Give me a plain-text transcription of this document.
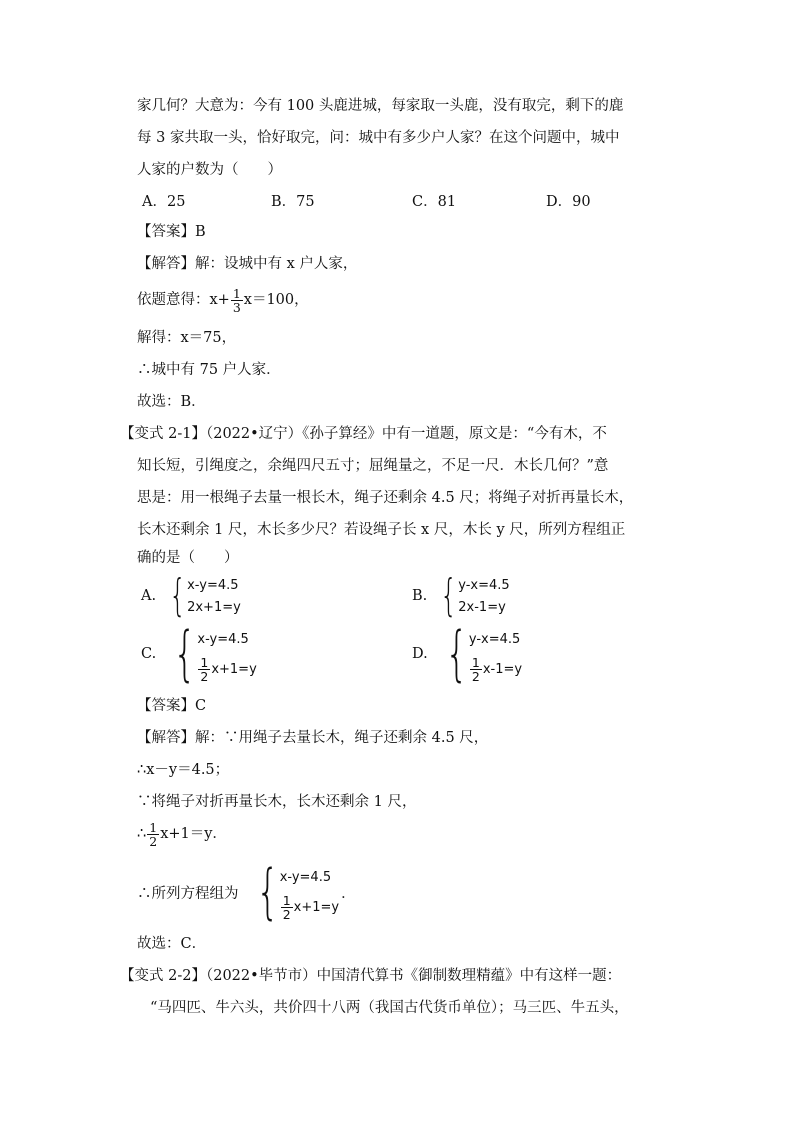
家几何？大意为：今有 100 头鹿进城，每家取一头鹿，没有取完，剩下的鹿
每 3 家共取一头，恰好取完，问：城中有多少户人家？在这个问题中，城中
人家的户数为（　　）
A．25	B．75	C．81	D．90
【答案】B
【解答】解：设城中有 x 户人家，
依题意得：$x+ \frac{1}{3} x=100$，
解得：x＝75，
∴城中有 75 户人家．
故选：B．
【变式 2-1】（2022•辽宁）《孙子算经》中有一道题，原文是：“今有木，不
知长短，引绳度之，余绳四尺五寸；屈绳量之，不足一尺．木长几何？”意
思是：用一根绳子去量一根长木，绳子还剩余 4.5 尺；将绳子对折再量长木，
长木还剩余 1 尺，木长多少尺？若设绳子长 x 尺，木长 y 尺，所列方程组正
确的是（　　）
A. { x-y=4.5
2x+1=y
B. { y-x=4.5
2x-1=y
C. { x-y=4.5
$\frac{1}{2} x+1=y$
D. { y-x=4.5
$\frac{1}{2} x-1=y$
【答案】C
【解答】解：∵用绳子去量长木，绳子还剩余 4.5 尺，
∴x－y＝4.5；
∵将绳子对折再量长木，长木还剩余 1 尺，
∴ $\frac{1}{2} x+1=y$．
∴所列方程组为 { x-y=4.5
$\frac{1}{2} x+1=y$
．
故选：C．
【变式 2-2】（2022•毕节市）中国清代算书《御制数理精蕴》中有这样一题：
“马四匹、牛六头，共价四十八两（我国古代货币单位）；马三匹、牛五头，
